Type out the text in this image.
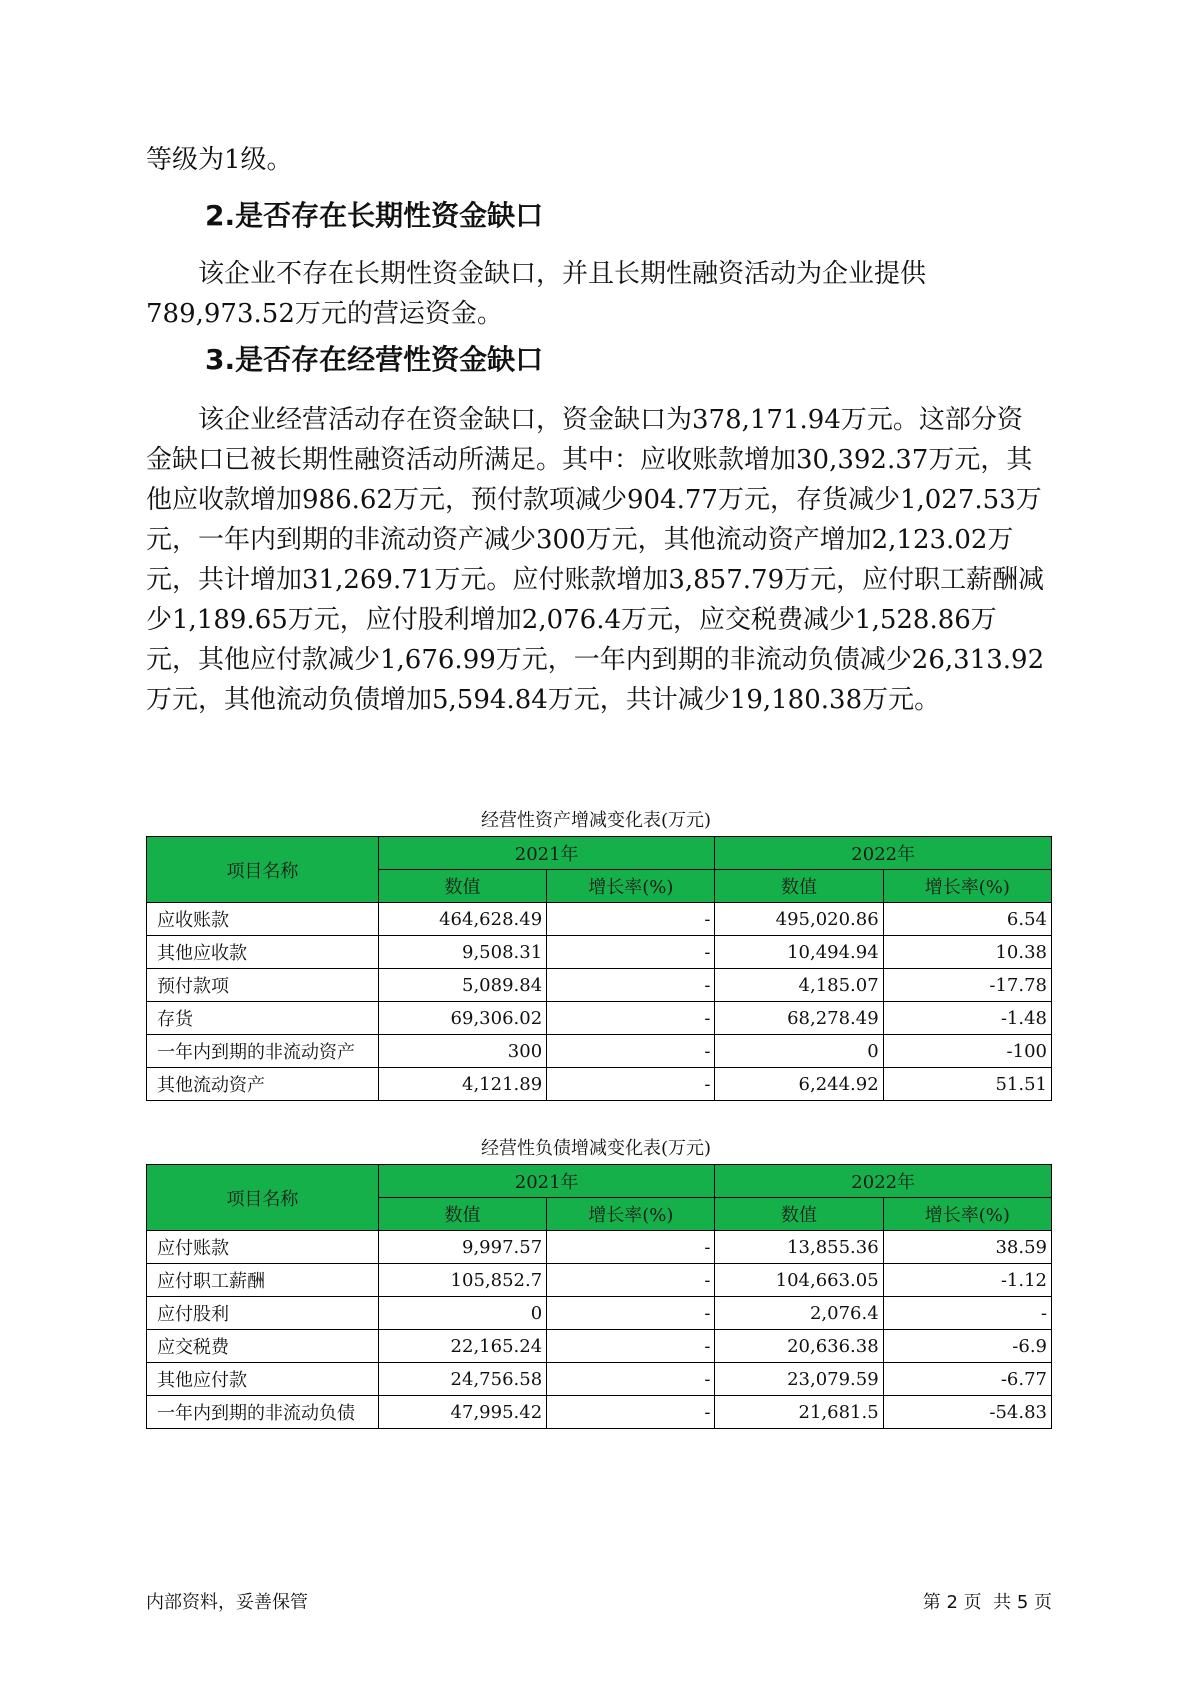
等级为1级。

2.是否存在长期性资金缺口

该企业不存在长期性资金缺口，并且长期性融资活动为企业提供789,973.52万元的营运资金。

3.是否存在经营性资金缺口

该企业经营活动存在资金缺口，资金缺口为378,171.94万元。这部分资金缺口已被长期性融资活动所满足。其中：应收账款增加30,392.37万元，其他应收款增加986.62万元，预付款项减少904.77万元，存货减少1,027.53万元，一年内到期的非流动资产减少300万元，其他流动资产增加2,123.02万元，共计增加31,269.71万元。应付账款增加3,857.79万元，应付职工薪酬减少1,189.65万元，应付股利增加2,076.4万元，应交税费减少1,528.86万元，其他应付款减少1,676.99万元，一年内到期的非流动负债减少26,313.92万元，其他流动负债增加5,594.84万元，共计减少19,180.38万元。

经营性资产增减变化表(万元)
项目名称	2021年		2022年	
	数值	增长率(%)	数值	增长率(%)
应收账款	464,628.49	-	495,020.86	6.54
其他应收款	9,508.31	-	10,494.94	10.38
预付款项	5,089.84	-	4,185.07	-17.78
存货	69,306.02	-	68,278.49	-1.48
一年内到期的非流动资产	300	-	0	-100
其他流动资产	4,121.89	-	6,244.92	51.51
经营性负债增减变化表(万元)
项目名称	2021年		2022年	
	数值	增长率(%)	数值	增长率(%)
应付账款	9,997.57	-	13,855.36	38.59
应付职工薪酬	105,852.7	-	104,663.05	-1.12
应付股利	0	-	2,076.4	-
应交税费	22,165.24	-	20,636.38	-6.9
其他应付款	24,756.58	-	23,079.59	-6.77
一年内到期的非流动负债	47,995.42	-	21,681.5	-54.83
内部资料，妥善保管	第 2 页  共 5 页
